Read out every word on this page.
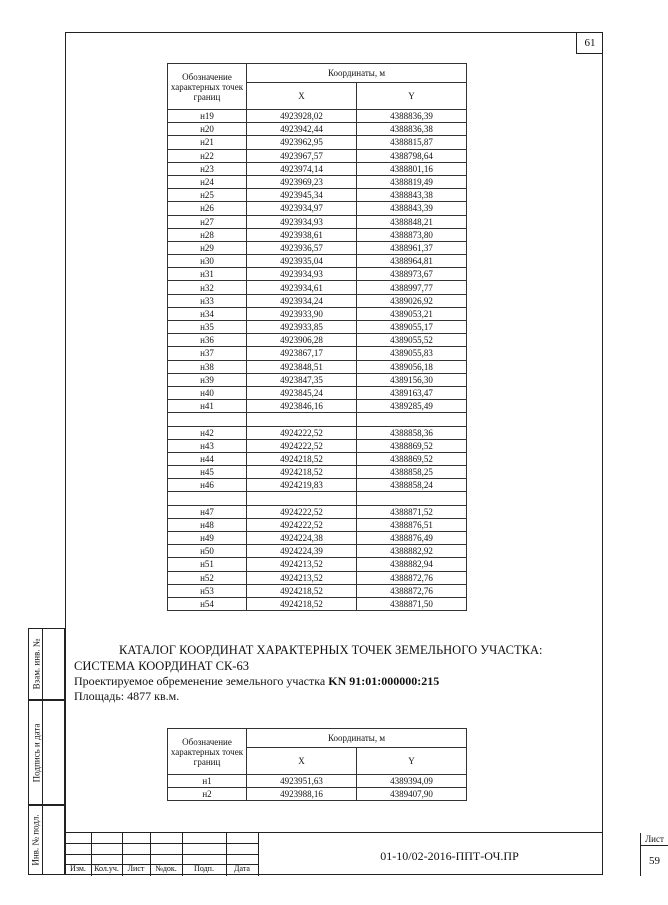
61
Обозначение характерных точек границ	Координаты, м	
	X	Y
н19	4923928,02	4388836,39
н20	4923942,44	4388836,38
н21	4923962,95	4388815,87
н22	4923967,57	4388798,64
н23	4923974,14	4388801,16
н24	4923969,23	4388819,49
н25	4923945,34	4388843,38
н26	4923934,97	4388843,39
н27	4923934,93	4388848,21
н28	4923938,61	4388873,80
н29	4923936,57	4388961,37
н30	4923935,04	4388964,81
н31	4923934,93	4388973,67
н32	4923934,61	4388997,77
н33	4923934,24	4389026,92
н34	4923933,90	4389053,21
н35	4923933,85	4389055,17
н36	4923906,28	4389055,52
н37	4923867,17	4389055,83
н38	4923848,51	4389056,18
н39	4923847,35	4389156,30
н40	4923845,24	4389163,47
н41	4923846,16	4389285,49

н42	4924222,52	4388858,36
н43	4924222,52	4388869,52
н44	4924218,52	4388869,52
н45	4924218,52	4388858,25
н46	4924219,83	4388858,24

н47	4924222,52	4388871,52
н48	4924222,52	4388876,51
н49	4924224,38	4388876,49
н50	4924224,39	4388882,92
н51	4924213,52	4388882,94
н52	4924213,52	4388872,76
н53	4924218,52	4388872,76
н54	4924218,52	4388871,50
КАТАЛОГ КООРДИНАТ ХАРАКТЕРНЫХ ТОЧЕК ЗЕМЕЛЬНОГО УЧАСТКА:
СИСТЕМА КООРДИНАТ СК-63
Проектируемое обременение земельного участка KN 91:01:000000:215
Площадь: 4877 кв.м.
Обозначение характерных точек границ	Координаты, м	
	X	Y
н1	4923951,63	4389394,09
н2	4923988,16	4389407,90
Взам. инв. №
Подпись и дата
Инв. № подл.
Изм.	Кол.уч.	Лист	№док.	Подп.	Дата
01-10/02-2016-ППТ-ОЧ.ПР
Лист
59
